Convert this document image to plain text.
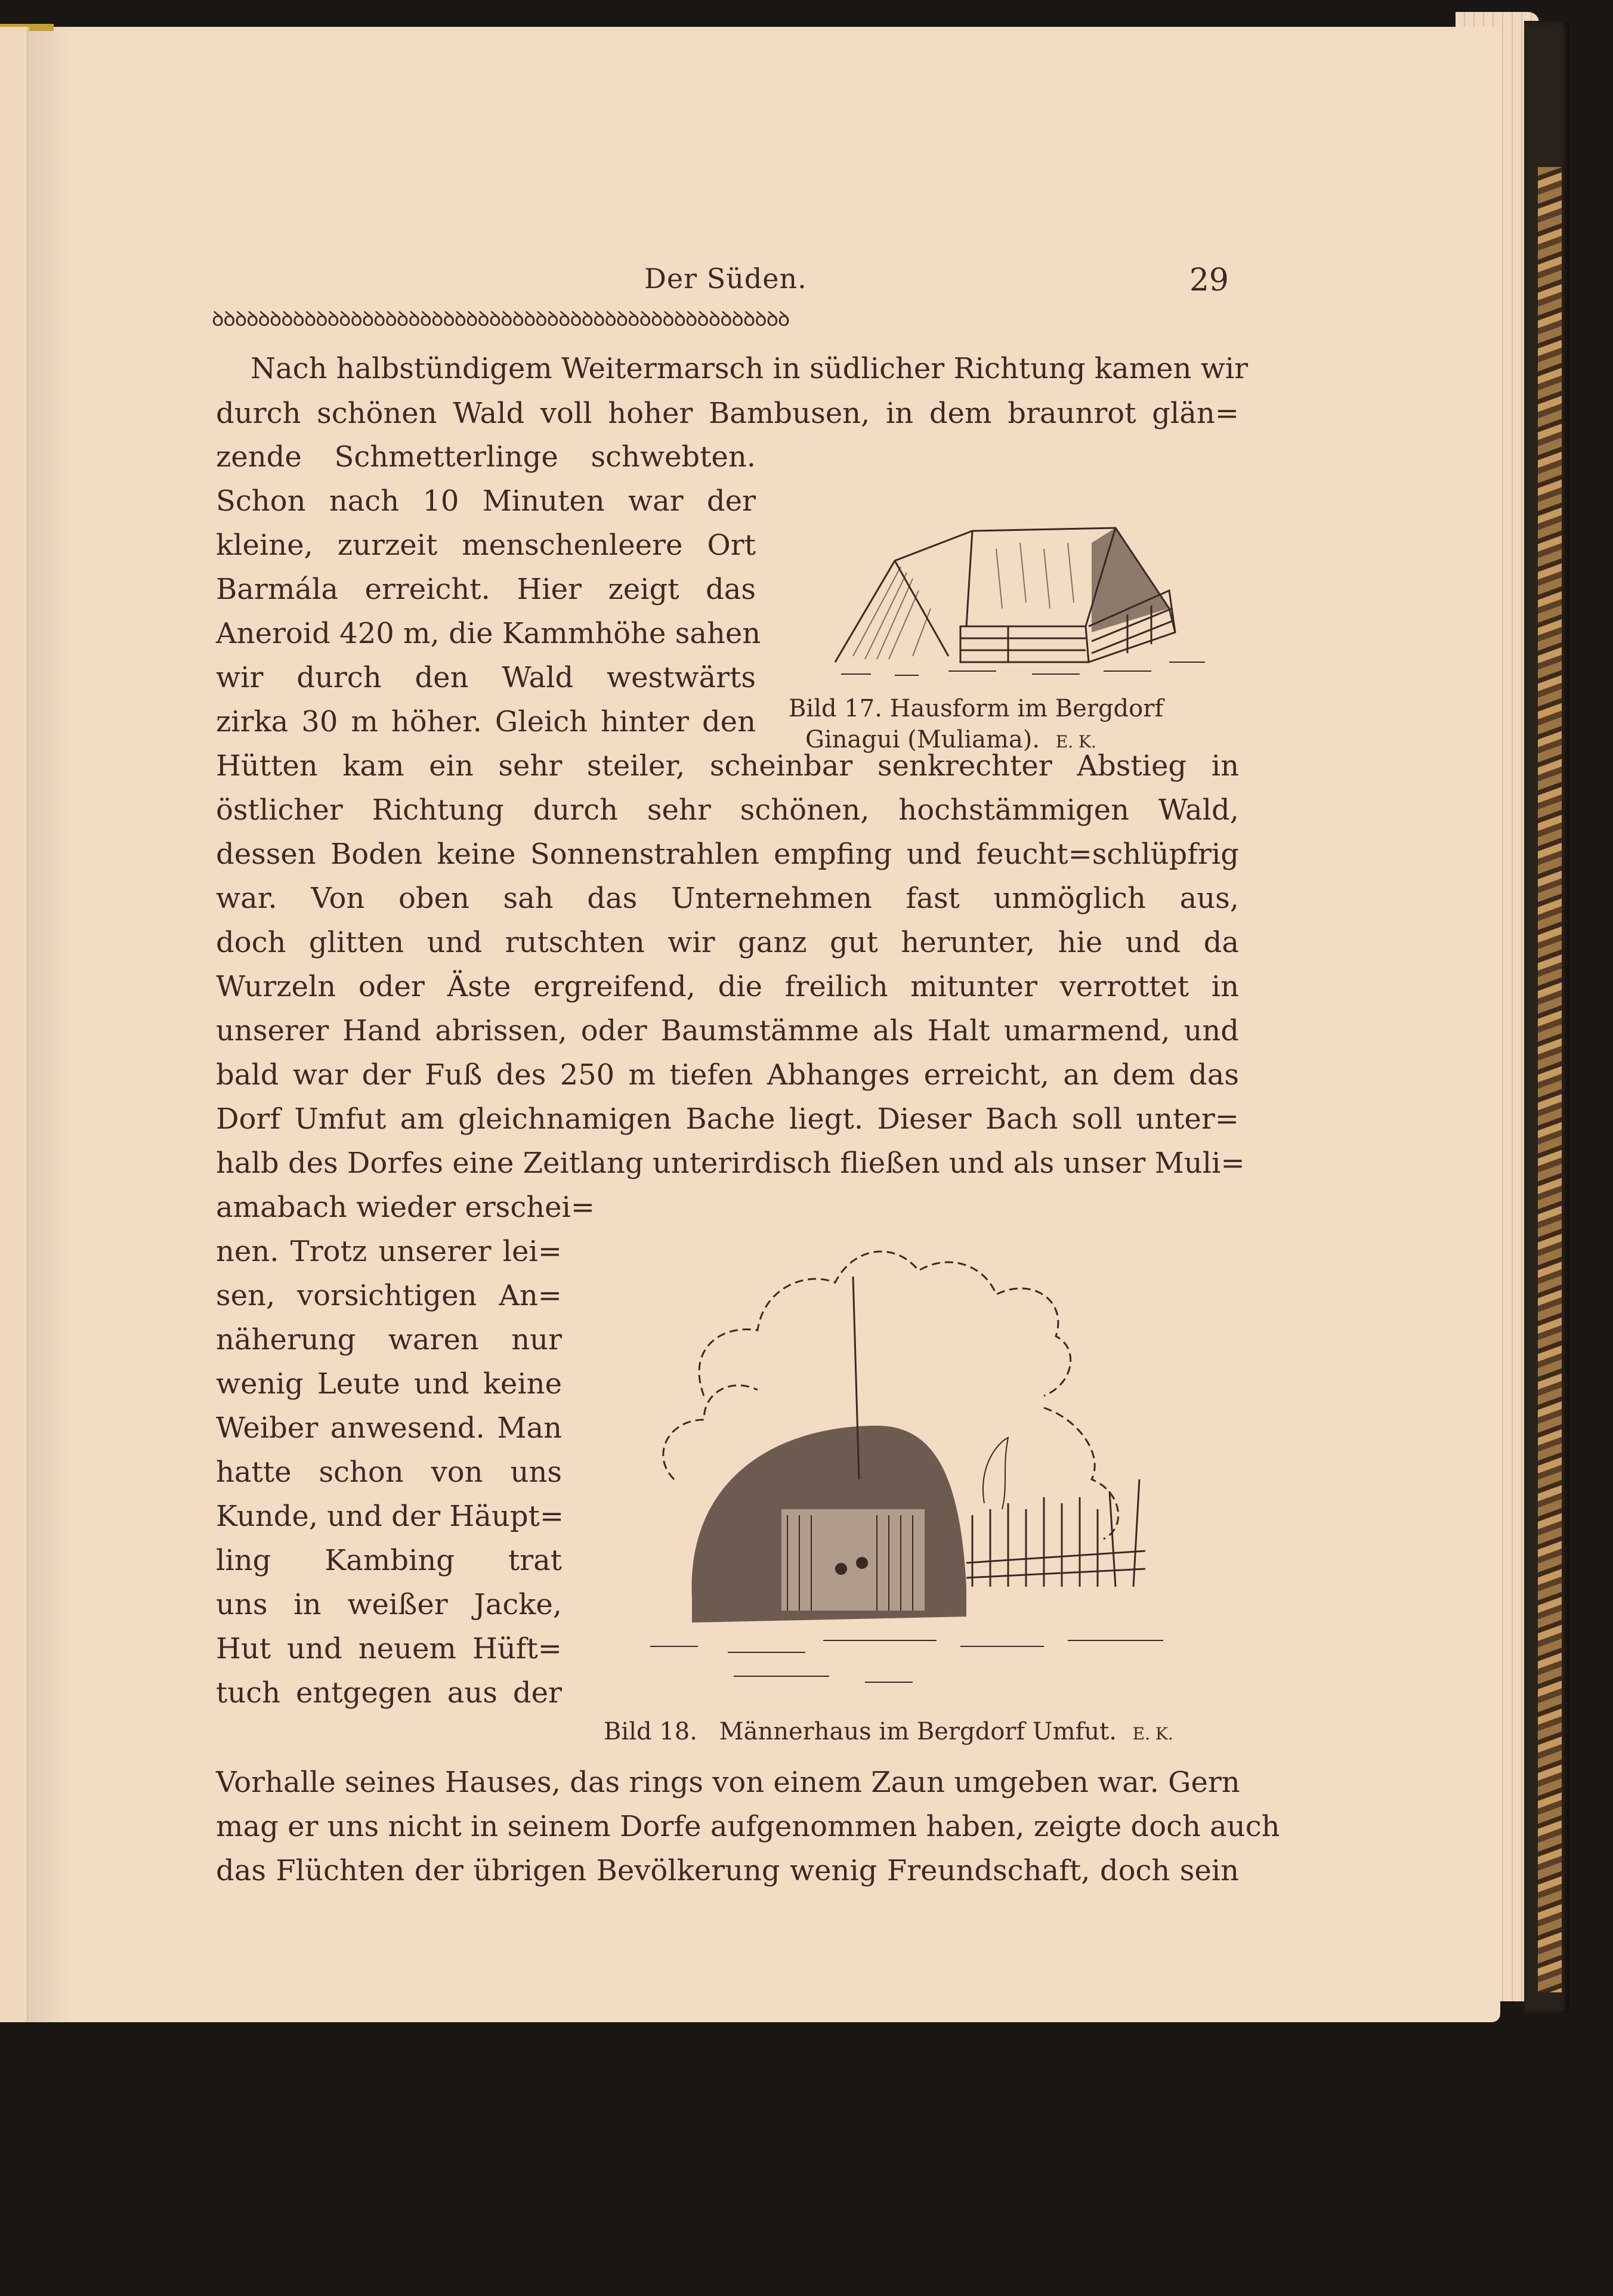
Der Süden.	29
ꝺꝺꝺꝺꝺꝺꝺꝺꝺꝺꝺꝺꝺꝺꝺꝺꝺꝺꝺꝺꝺꝺꝺꝺꝺꝺꝺꝺꝺꝺꝺꝺꝺꝺꝺꝺꝺꝺꝺꝺꝺꝺꝺꝺꝺꝺꝺꝺꝺꝺ
Nach halbstündigem Weitermarsch in südlicher Richtung kamen wir
durch schönen Wald voll hoher Bambusen, in dem braunrot glän=
zende Schmetterlinge schwebten.
Schon nach 10 Minuten war der
kleine, zurzeit menschenleere Ort
Barmála erreicht. Hier zeigt das
Aneroid 420 m, die Kammhöhe sahen
wir durch den Wald westwärts
zirka 30 m höher. Gleich hinter den
Hütten kam ein sehr steiler, scheinbar senkrechter Abstieg in
östlicher Richtung durch sehr schönen, hochstämmigen Wald,
dessen Boden keine Sonnenstrahlen empfing und feucht=schlüpfrig
war. Von oben sah das Unternehmen fast unmöglich aus,
doch glitten und rutschten wir ganz gut herunter, hie und da
Wurzeln oder Äste ergreifend, die freilich mitunter verrottet in
unserer Hand abrissen, oder Baumstämme als Halt umarmend, und
bald war der Fuß des 250 m tiefen Abhanges erreicht, an dem das
Dorf Umfut am gleichnamigen Bache liegt. Dieser Bach soll unter=
halb des Dorfes eine Zeitlang unterirdisch fließen und als unser Muli=
amabach wieder erschei=
nen. Trotz unserer lei=
sen, vorsichtigen An=
näherung waren nur
wenig Leute und keine
Weiber anwesend. Man
hatte schon von uns
Kunde, und der Häupt=
ling Kambing trat
uns in weißer Jacke,
Hut und neuem Hüft=
tuch entgegen aus der
Vorhalle seines Hauses, das rings von einem Zaun umgeben war. Gern
mag er uns nicht in seinem Dorfe aufgenommen haben, zeigte doch auch
das Flüchten der übrigen Bevölkerung wenig Freundschaft, doch sein
Bild 17. Hausform im Bergdorf
Ginagui (Muliama). E. K.
Bild 18. Männerhaus im Bergdorf Umfut. E. K.
